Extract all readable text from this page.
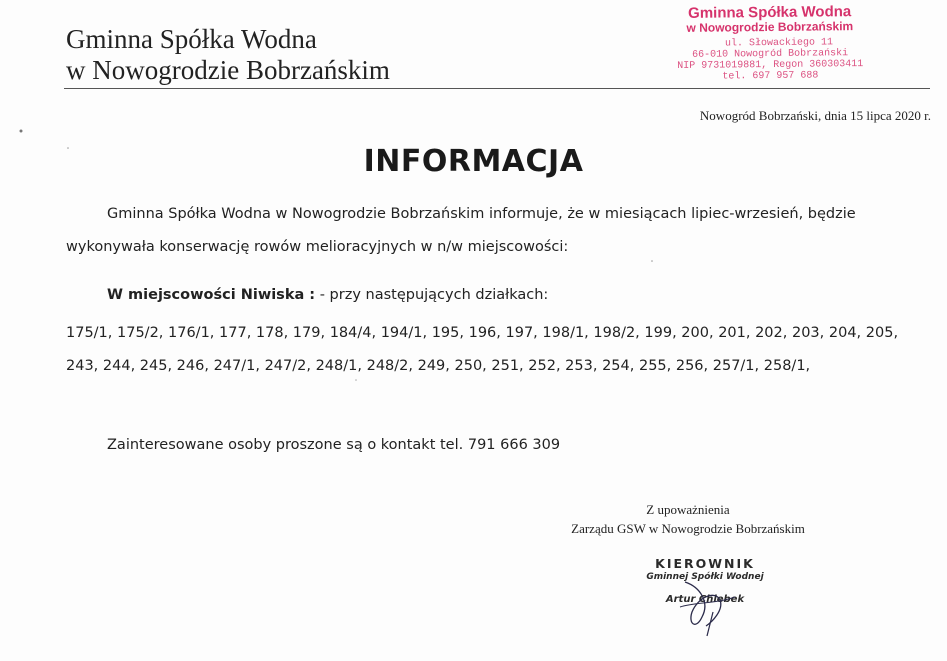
Gminna Spółka Wodna
w Nowogrodzie Bobrzańskim
Gminna Spółka Wodna
w Nowogrodzie Bobrzańskim
ul. Słowackiego 11
66-010 Nowogród Bobrzański
NIP 9731019881, Regon 360303411
tel. 697 957 688
Nowogród Bobrzański, dnia 15 lipca 2020 r.
INFORMACJA
Gminna Spółka Wodna w Nowogrodzie Bobrzańskim informuje, że w miesiącach lipiec-wrzesień, będzie
wykonywała konserwację rowów melioracyjnych w n/w miejscowości:
W miejscowości Niwiska : - przy następujących działkach:
175/1, 175/2, 176/1, 177, 178, 179, 184/4, 194/1, 195, 196, 197, 198/1, 198/2, 199, 200, 201, 202, 203, 204, 205,
243, 244, 245, 246, 247/1, 247/2, 248/1, 248/2, 249, 250, 251, 252, 253, 254, 255, 256, 257/1, 258/1,
Zainteresowane osoby proszone są o kontakt tel. 791 666 309
Z upoważnienia
Zarządu GSW w Nowogrodzie Bobrzańskim
KIEROWNIK
Gminnej Spółki Wodnej
Artur Chlebek
